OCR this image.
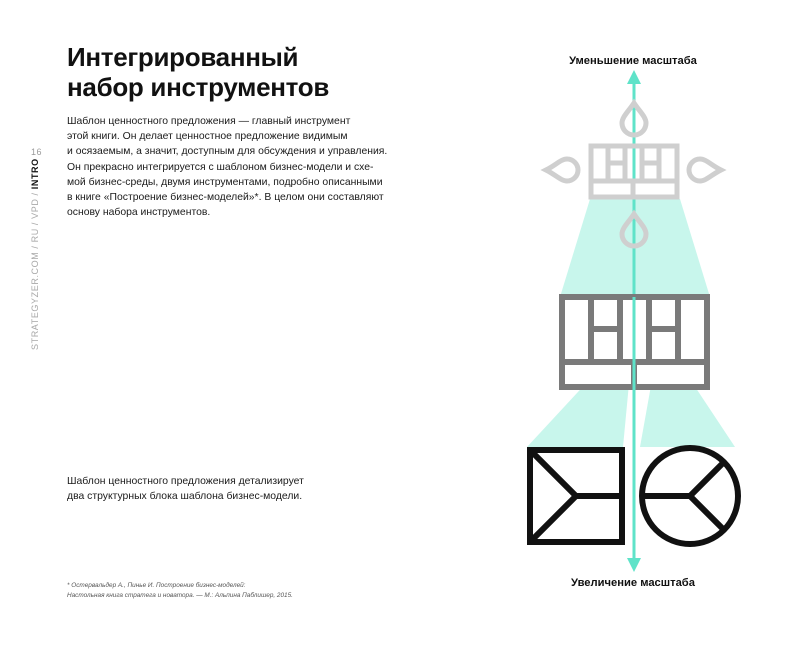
16
STRATEGYZER.COM / RU / VPD / INTRO
Интегрированный
набор инструментов

Шаблон ценностного предложения — главный инструмент
этой книги. Он делает ценностное предложение видимым
и осязаемым, а значит, доступным для обсуждения и управления.
Он прекрасно интегрируется с шаблоном бизнес-модели и схе-
мой бизнес-среды, двумя инструментами, подробно описанными
в книге «Построение бизнес-моделей»*. В целом они составляют
основу набора инструментов.

Шаблон ценностного предложения детализирует
два структурных блока шаблона бизнес-модели.

* Остервальдер А., Пинье И. Построение бизнес-моделей:
Настольная книга стратега и новатора. — М.: Альпина Паблишер, 2015.
Уменьшение масштаба
Увеличение масштаба
